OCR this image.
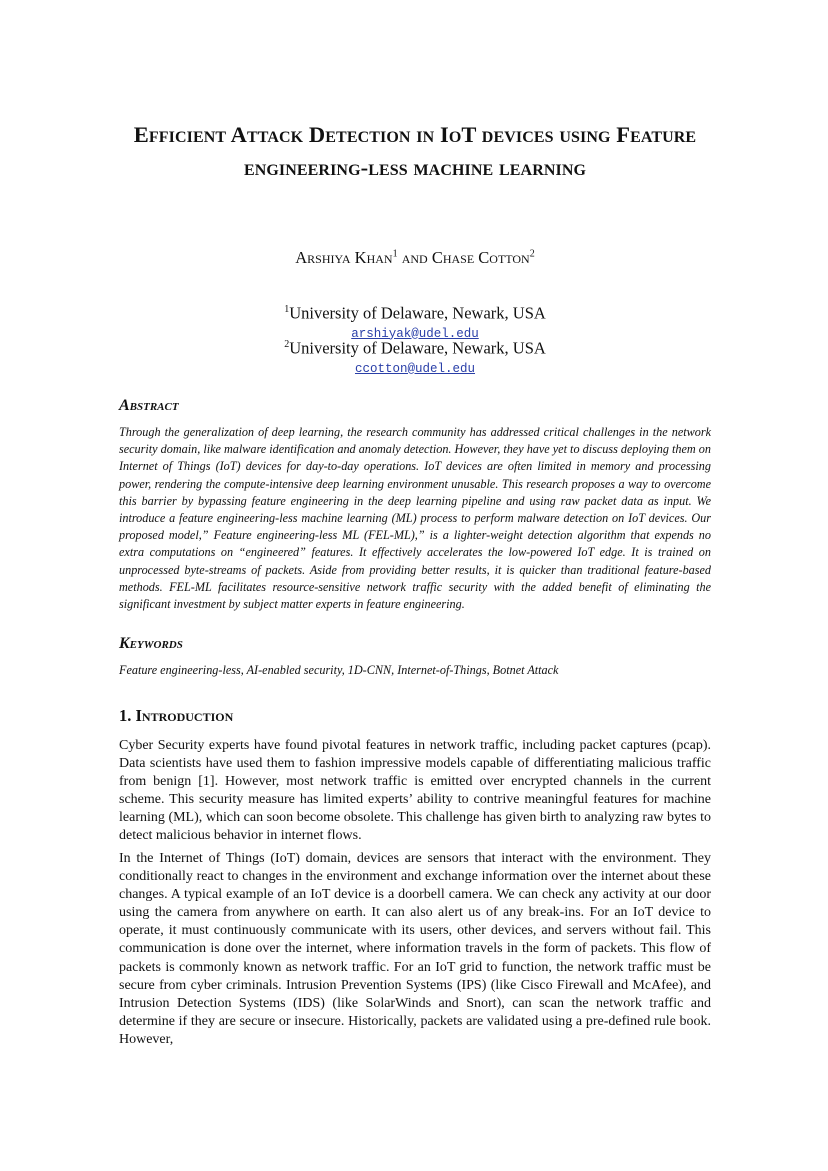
Efficient Attack Detection in IoT devices using Feature engineering-less machine learning
Arshiya Khan$^1$ and Chase Cotton$^2$
$^1$University of Delaware, Newark, USA
arshiyak@udel.edu
$^2$University of Delaware, Newark, USA
ccotton@udel.edu
Abstract
Through the generalization of deep learning, the research community has addressed critical challenges in the network security domain, like malware identification and anomaly detection. However, they have yet to discuss deploying them on Internet of Things (IoT) devices for day-to-day operations. IoT devices are often limited in memory and processing power, rendering the compute-intensive deep learning environment unusable. This research proposes a way to overcome this barrier by bypassing feature engineering in the deep learning pipeline and using raw packet data as input. We introduce a feature engineering-less machine learning (ML) process to perform malware detection on IoT devices. Our proposed model,” Feature engineering-less ML (FEL-ML),” is a lighter-weight detection algorithm that expends no extra computations on “engineered” features. It effectively accelerates the low-powered IoT edge. It is trained on unprocessed byte-streams of packets. Aside from providing better results, it is quicker than traditional feature-based methods. FEL-ML facilitates resource-sensitive network traffic security with the added benefit of eliminating the significant investment by subject matter experts in feature engineering.
Keywords
Feature engineering-less, AI-enabled security, 1D-CNN, Internet-of-Things, Botnet Attack
1. Introduction
Cyber Security experts have found pivotal features in network traffic, including packet captures (pcap). Data scientists have used them to fashion impressive models capable of differentiating malicious traffic from benign [1]. However, most network traffic is emitted over encrypted channels in the current scheme. This security measure has limited experts’ ability to contrive meaningful features for machine learning (ML), which can soon become obsolete. This challenge has given birth to analyzing raw bytes to detect malicious behavior in internet flows.
In the Internet of Things (IoT) domain, devices are sensors that interact with the environment. They conditionally react to changes in the environment and exchange information over the internet about these changes. A typical example of an IoT device is a doorbell camera. We can check any activity at our door using the camera from anywhere on earth. It can also alert us of any break-ins. For an IoT device to operate, it must continuously communicate with its users, other devices, and servers without fail. This communication is done over the internet, where information travels in the form of packets. This flow of packets is commonly known as network traffic. For an IoT grid to function, the network traffic must be secure from cyber criminals. Intrusion Prevention Systems (IPS) (like Cisco Firewall and McAfee), and Intrusion Detection Systems (IDS) (like SolarWinds and Snort), can scan the network traffic and determine if they are secure or insecure. Historically, packets are validated using a pre-defined rule book. However,
